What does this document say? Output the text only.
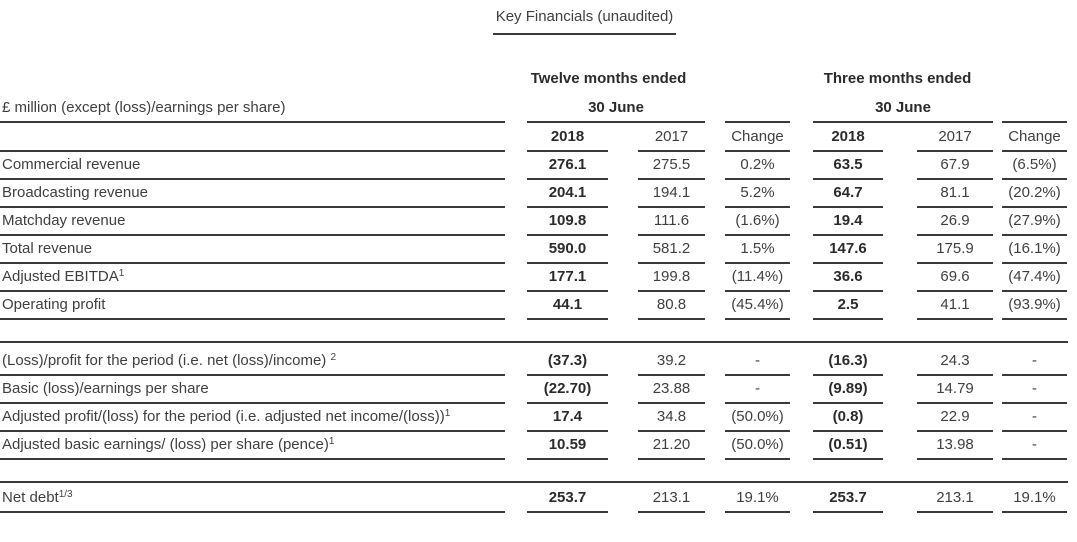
Key Financials (unaudited)

	Twelve months ended			Three months ended		

£ million (except (loss)/earnings per share)	30 June			30 June		

	2018	2017	Change	2018	2017	Change

Commercial revenue	276.1	275.5	0.2%	63.5	67.9	(6.5%)

Broadcasting revenue	204.1	194.1	5.2%	64.7	81.1	(20.2%)

Matchday revenue	109.8	111.6	(1.6%)	19.4	26.9	(27.9%)

Total revenue	590.0	581.2	1.5%	147.6	175.9	(16.1%)

Adjusted EBITDA$^1$	177.1	199.8	(11.4%)	36.6	69.6	(47.4%)

Operating profit	44.1	80.8	(45.4%)	2.5	41.1	(93.9%)

(Loss)/profit for the period (i.e. net (loss)/income) $^2$	(37.3)	39.2	-	(16.3)	24.3	-

Basic (loss)/earnings per share	(22.70)	23.88	-	(9.89)	14.79	-

Adjusted profit/(loss) for the period (i.e. adjusted net income/(loss))$^1$	17.4	34.8	(50.0%)	(0.8)	22.9	-

Adjusted basic earnings/ (loss) per share (pence)$^1$	10.59	21.20	(50.0%)	(0.51)	13.98	-

Net debt$^{1/3}$	253.7	213.1	19.1%	253.7	213.1	19.1%
